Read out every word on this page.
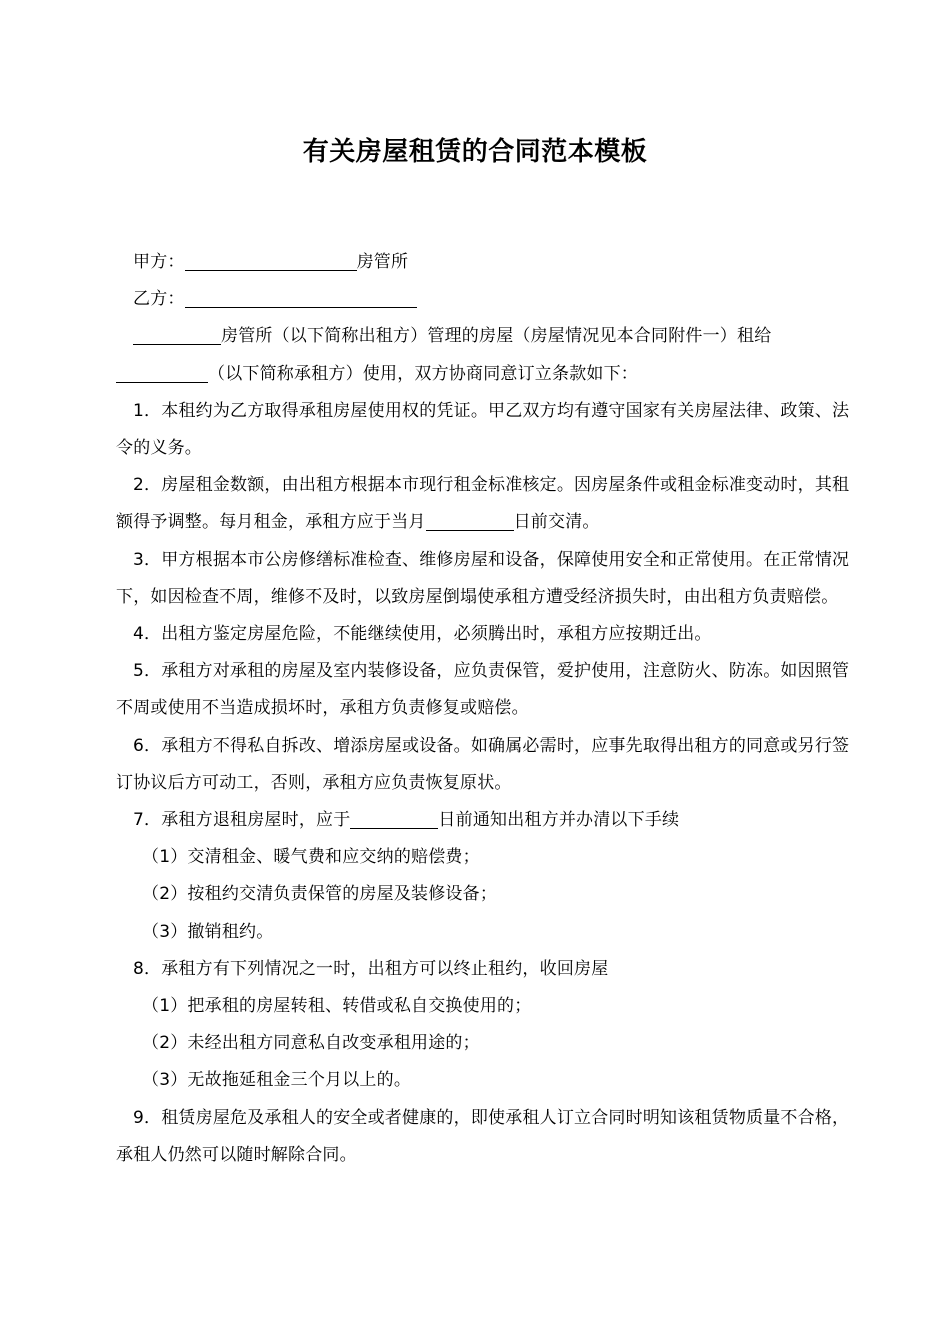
有关房屋租赁的合同范本模板

甲方：	房管所

乙方：

房管所（以下简称出租方）管理的房屋（房屋情况见本合同附件一）租给（以下简称承租方）使用，双方协商同意订立条款如下：

1．本租约为乙方取得承租房屋使用权的凭证。甲乙双方均有遵守国家有关房屋法律、政策、法令的义务。

2．房屋租金数额，由出租方根据本市现行租金标准核定。因房屋条件或租金标准变动时，其租额得予调整。每月租金，承租方应于当月	日前交清。

3．甲方根据本市公房修缮标准检查、维修房屋和设备，保障使用安全和正常使用。在正常情况下，如因检查不周，维修不及时，以致房屋倒塌使承租方遭受经济损失时，由出租方负责赔偿。

4．出租方鉴定房屋危险，不能继续使用，必须腾出时，承租方应按期迁出。

5．承租方对承租的房屋及室内装修设备，应负责保管，爱护使用，注意防火、防冻。如因照管不周或使用不当造成损坏时，承租方负责修复或赔偿。

6．承租方不得私自拆改、增添房屋或设备。如确属必需时，应事先取得出租方的同意或另行签订协议后方可动工，否则，承租方应负责恢复原状。

7．承租方退租房屋时，应于	日前通知出租方并办清以下手续

（1）交清租金、暖气费和应交纳的赔偿费；

（2）按租约交清负责保管的房屋及装修设备；

（3）撤销租约。

8．承租方有下列情况之一时，出租方可以终止租约，收回房屋

（1）把承租的房屋转租、转借或私自交换使用的；

（2）未经出租方同意私自改变承租用途的；

（3）无故拖延租金三个月以上的。

9．租赁房屋危及承租人的安全或者健康的，即使承租人订立合同时明知该租赁物质量不合格，承租人仍然可以随时解除合同。
